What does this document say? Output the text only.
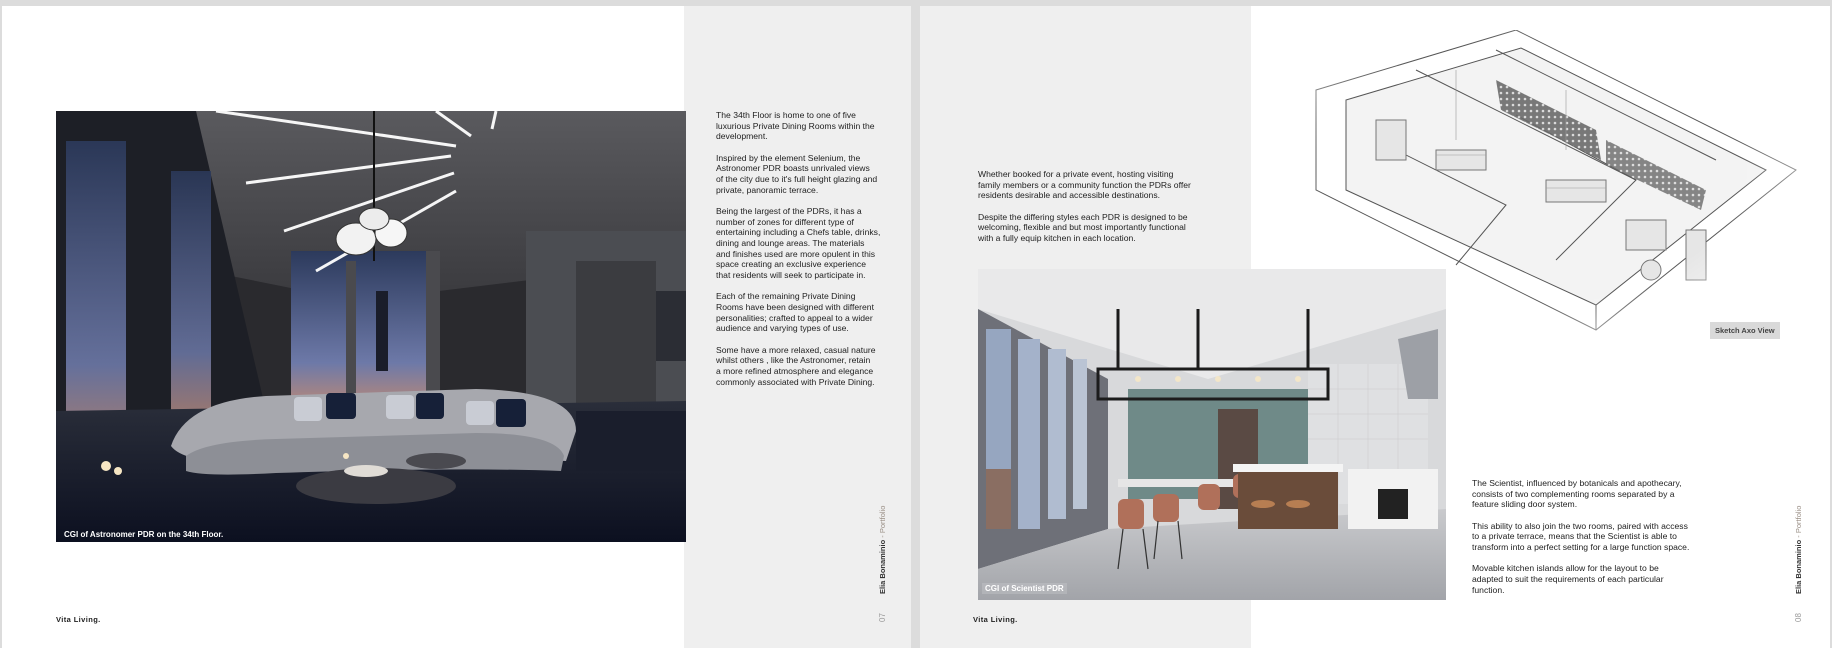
CGI of Astronomer PDR on the 34th Floor.

The 34th Floor is home to one of five
luxurious Private Dining Rooms within the
development.

Inspired by the element Selenium, the
Astronomer PDR boasts unrivaled views
of the city due to it's full height glazing and
private, panoramic terrace.

Being the largest of the PDRs, it has a
number of zones for different type of
entertaining including a Chefs table, drinks,
dining and lounge areas. The materials
and finishes used are more opulent in this
space creating an exclusive experience
that residents will seek to participate in.

Each of the remaining Private Dining
Rooms have been designed with different
personalities; crafted to appeal to a wider
audience and varying types of use.

Some have a more relaxed, casual nature
whilst others , like the Astronomer, retain
a more refined atmosphere and elegance
commonly associated with Private Dining.

Vita Living.
Elia Bonaminio - Portfolio
07
Sketch Axo View

Whether booked for a private event, hosting visiting
family members or a community function the PDRs offer
residents desirable and accessible destinations.

Despite the differing styles each PDR is designed to be
welcoming, flexible and but most importantly functional
with a fully equip kitchen in each location.

CGI of Scientist PDR

The Scientist, influenced by botanicals and apothecary,
consists of two complementing rooms separated by a
feature sliding door system.

This ability to also join the two rooms, paired with access
to a private terrace, means that the Scientist is able to
transform into a perfect setting for a large function space.

Movable kitchen islands allow for the layout to be
adapted to suit the requirements of each particular
function.

Vita Living.
Elia Bonaminio - Portfolio
08
